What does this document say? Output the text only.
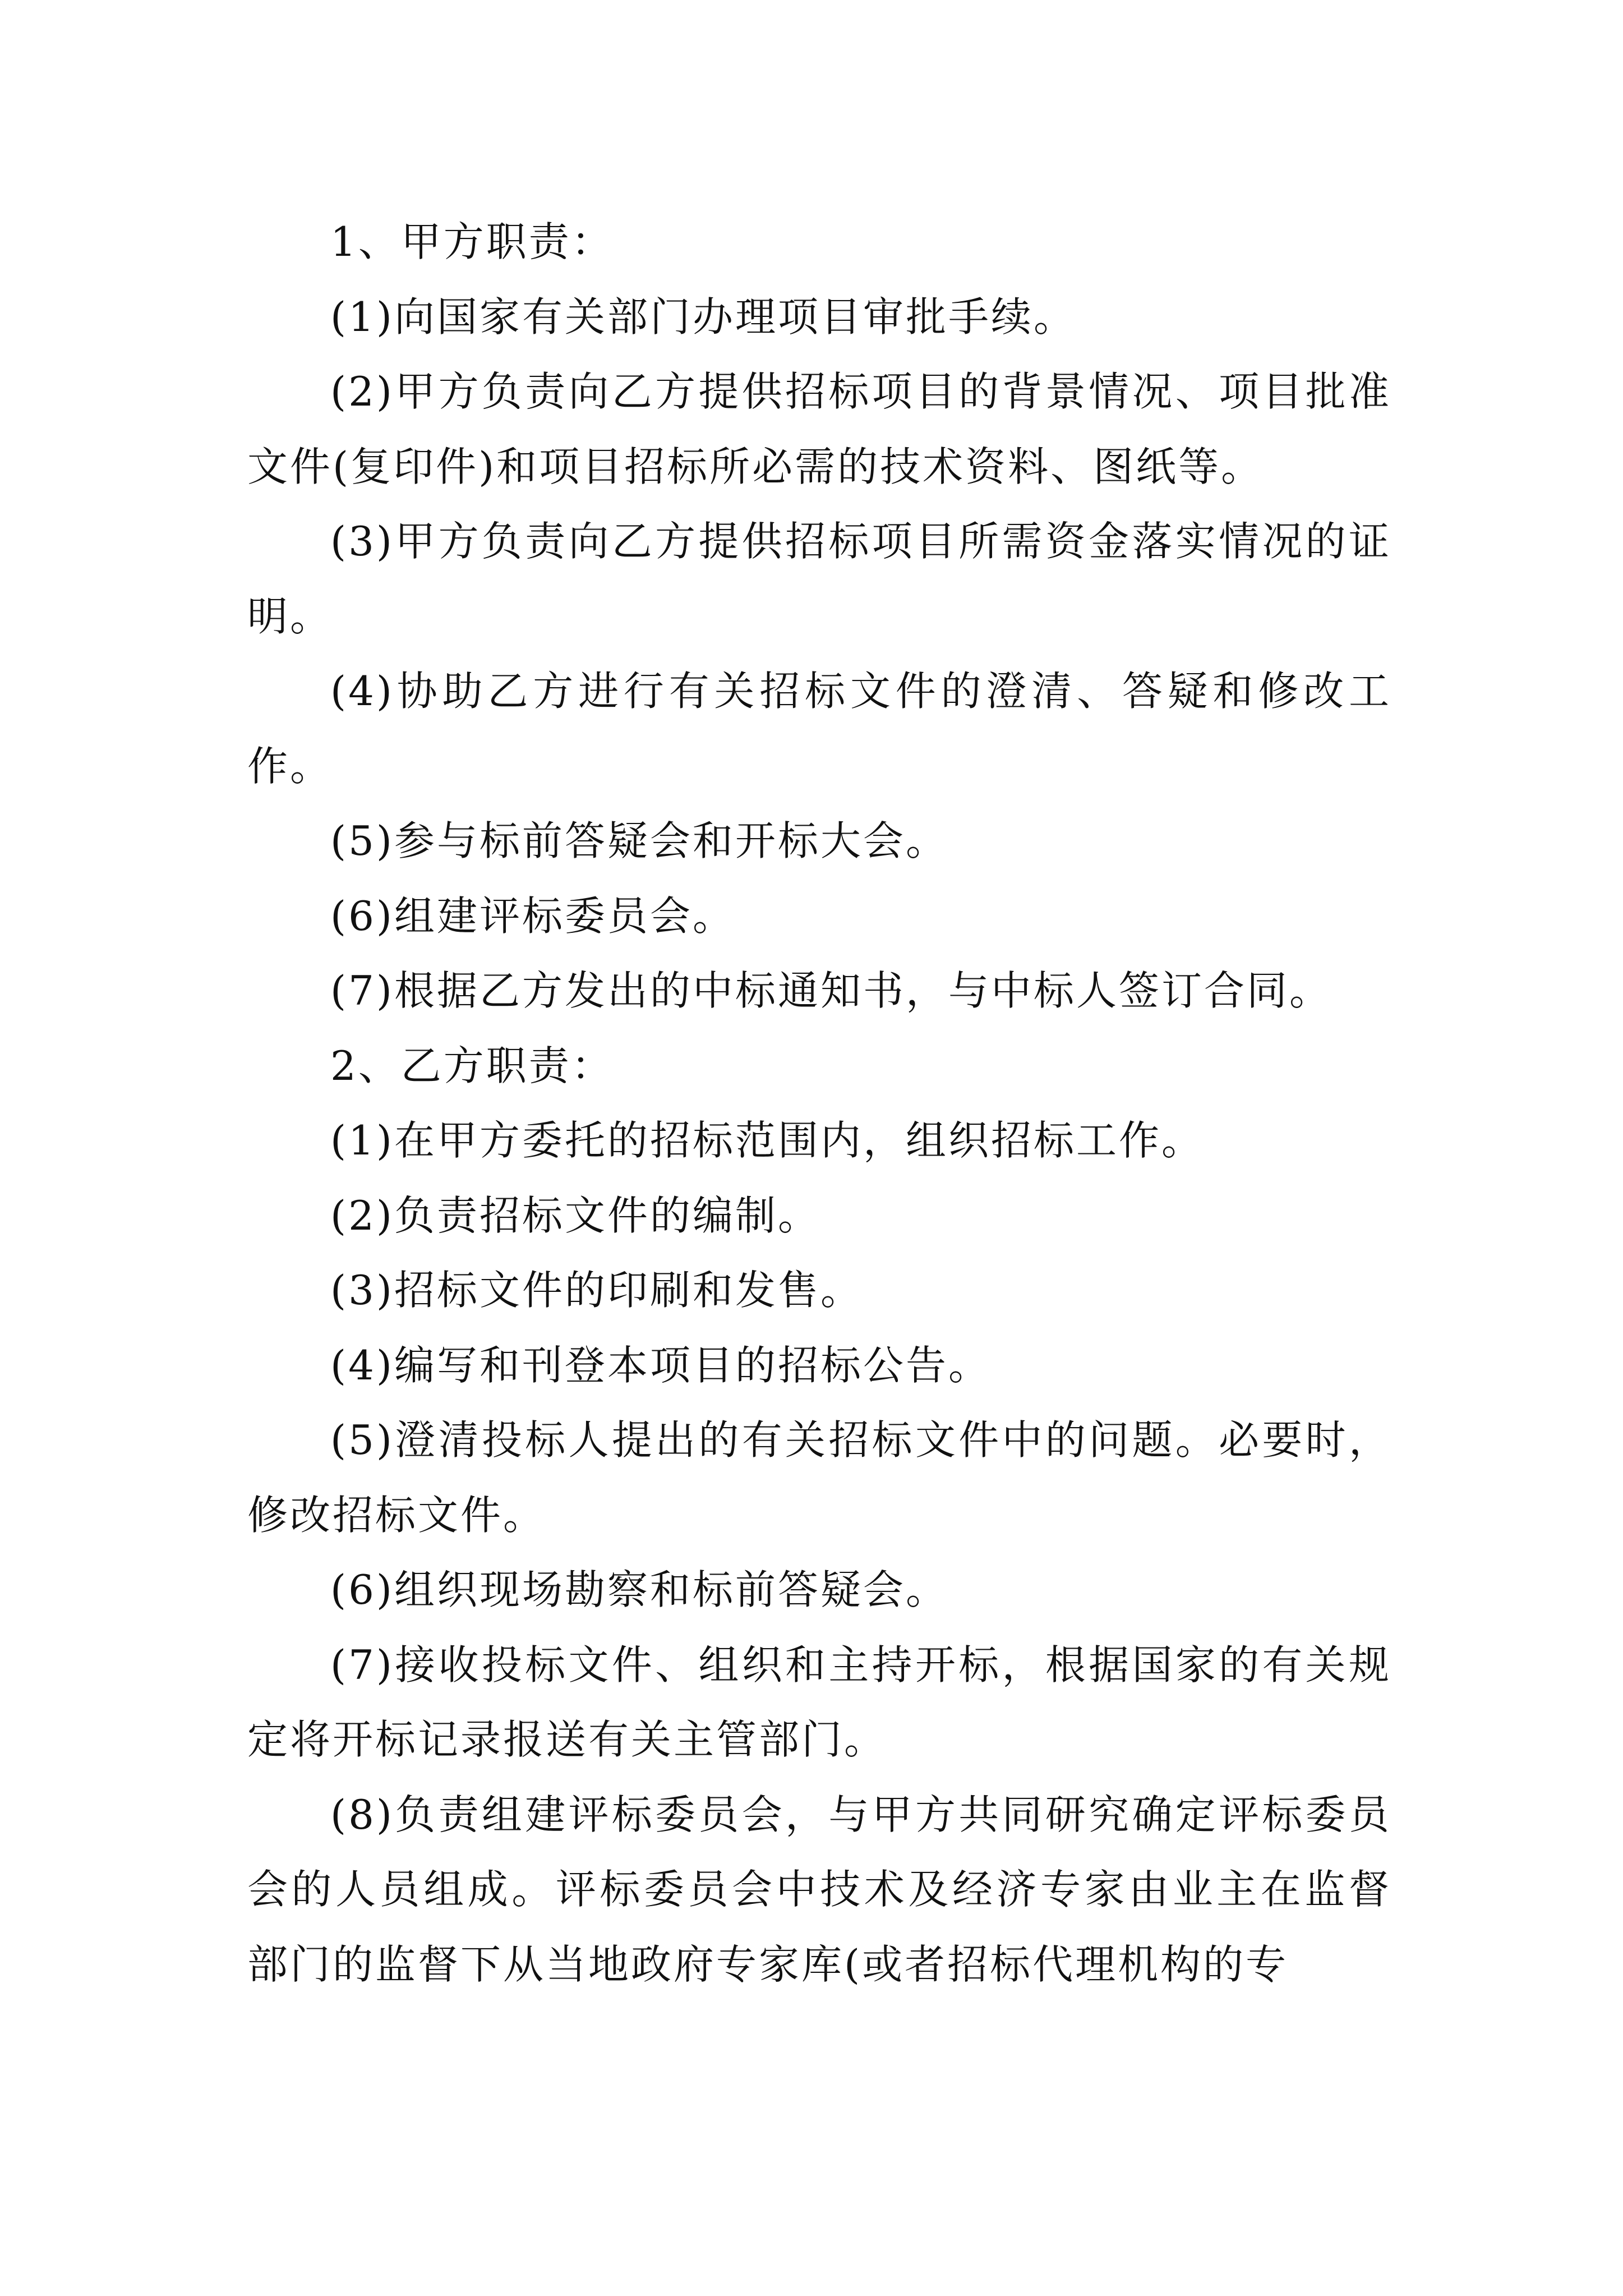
1、甲方职责：

(1)向国家有关部门办理项目审批手续。

(2)甲方负责向乙方提供招标项目的背景情况、项目批准文件(复印件)和项目招标所必需的技术资料、图纸等。

(3)甲方负责向乙方提供招标项目所需资金落实情况的证明。

(4)协助乙方进行有关招标文件的澄清、答疑和修改工作。

(5)参与标前答疑会和开标大会。

(6)组建评标委员会。

(7)根据乙方发出的中标通知书，与中标人签订合同。

2、乙方职责：

(1)在甲方委托的招标范围内，组织招标工作。

(2)负责招标文件的编制。

(3)招标文件的印刷和发售。

(4)编写和刊登本项目的招标公告。

(5)澄清投标人提出的有关招标文件中的问题。必要时，修改招标文件。

(6)组织现场勘察和标前答疑会。

(7)接收投标文件、组织和主持开标，根据国家的有关规定将开标记录报送有关主管部门。

(8)负责组建评标委员会，与甲方共同研究确定评标委员会的人员组成。评标委员会中技术及经济专家由业主在监督部门的监督下从当地政府专家库(或者招标代理机构的专
